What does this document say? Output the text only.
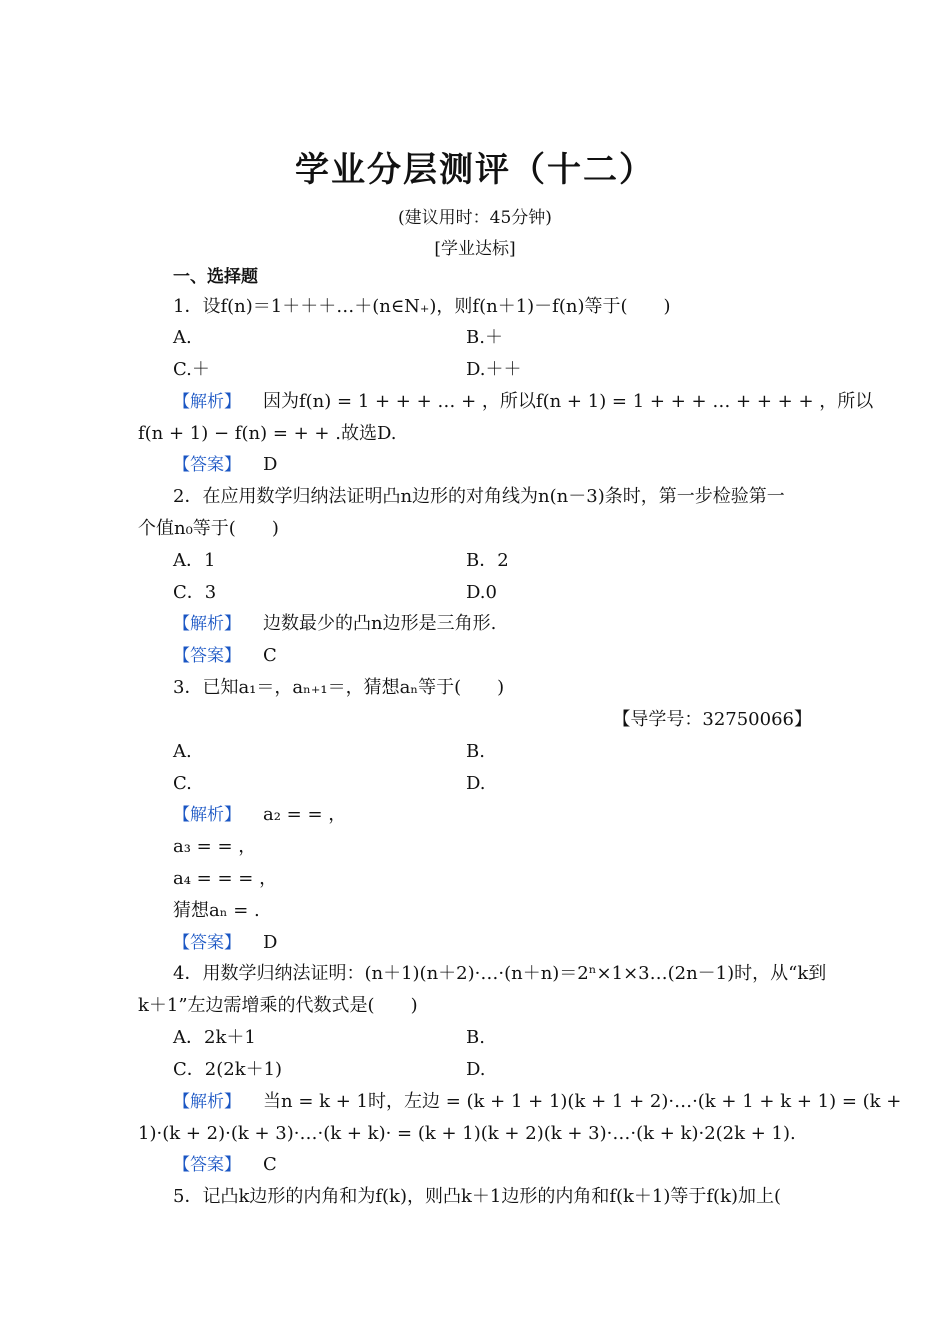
学业分层测评（十二）
(建议用时：45分钟)
[学业达标]
一、选择题
1．设f(n)＝1＋＋＋…＋(n∈N₊)，则f(n＋1)－f(n)等于(　　)
A.	B.＋
C.＋	D.＋＋
【解析】 因为f(n) = 1 + + + … + ，所以f(n + 1) = 1 + + + … + + + + ，所以
f(n + 1) − f(n) = + + .故选D.
【答案】 D
2．在应用数学归纳法证明凸n边形的对角线为n(n－3)条时，第一步检验第一
个值n₀等于(　　)
A．1	B．2
C．3	D.0
【解析】 边数最少的凸n边形是三角形.
【答案】 C
3．已知a₁＝，aₙ₊₁＝，猜想aₙ等于(　　)
【导学号：32750066】
A.	B.
C.	D.
【解析】 a₂ = = ，
a₃ = = ，
a₄ = = = ，
猜想aₙ = .
【答案】 D
4．用数学归纳法证明：(n＋1)(n＋2)·…·(n＋n)＝2ⁿ×1×3…(2n－1)时，从“k到
k＋1”左边需增乘的代数式是(　　)
A．2k＋1	B.
C．2(2k＋1)	D.
【解析】 当n = k + 1时，左边 = (k + 1 + 1)(k + 1 + 2)·…·(k + 1 + k + 1) = (k +
1)·(k + 2)·(k + 3)·…·(k + k)· = (k + 1)(k + 2)(k + 3)·…·(k + k)·2(2k + 1).
【答案】 C
5．记凸k边形的内角和为f(k)，则凸k＋1边形的内角和f(k＋1)等于f(k)加上(
